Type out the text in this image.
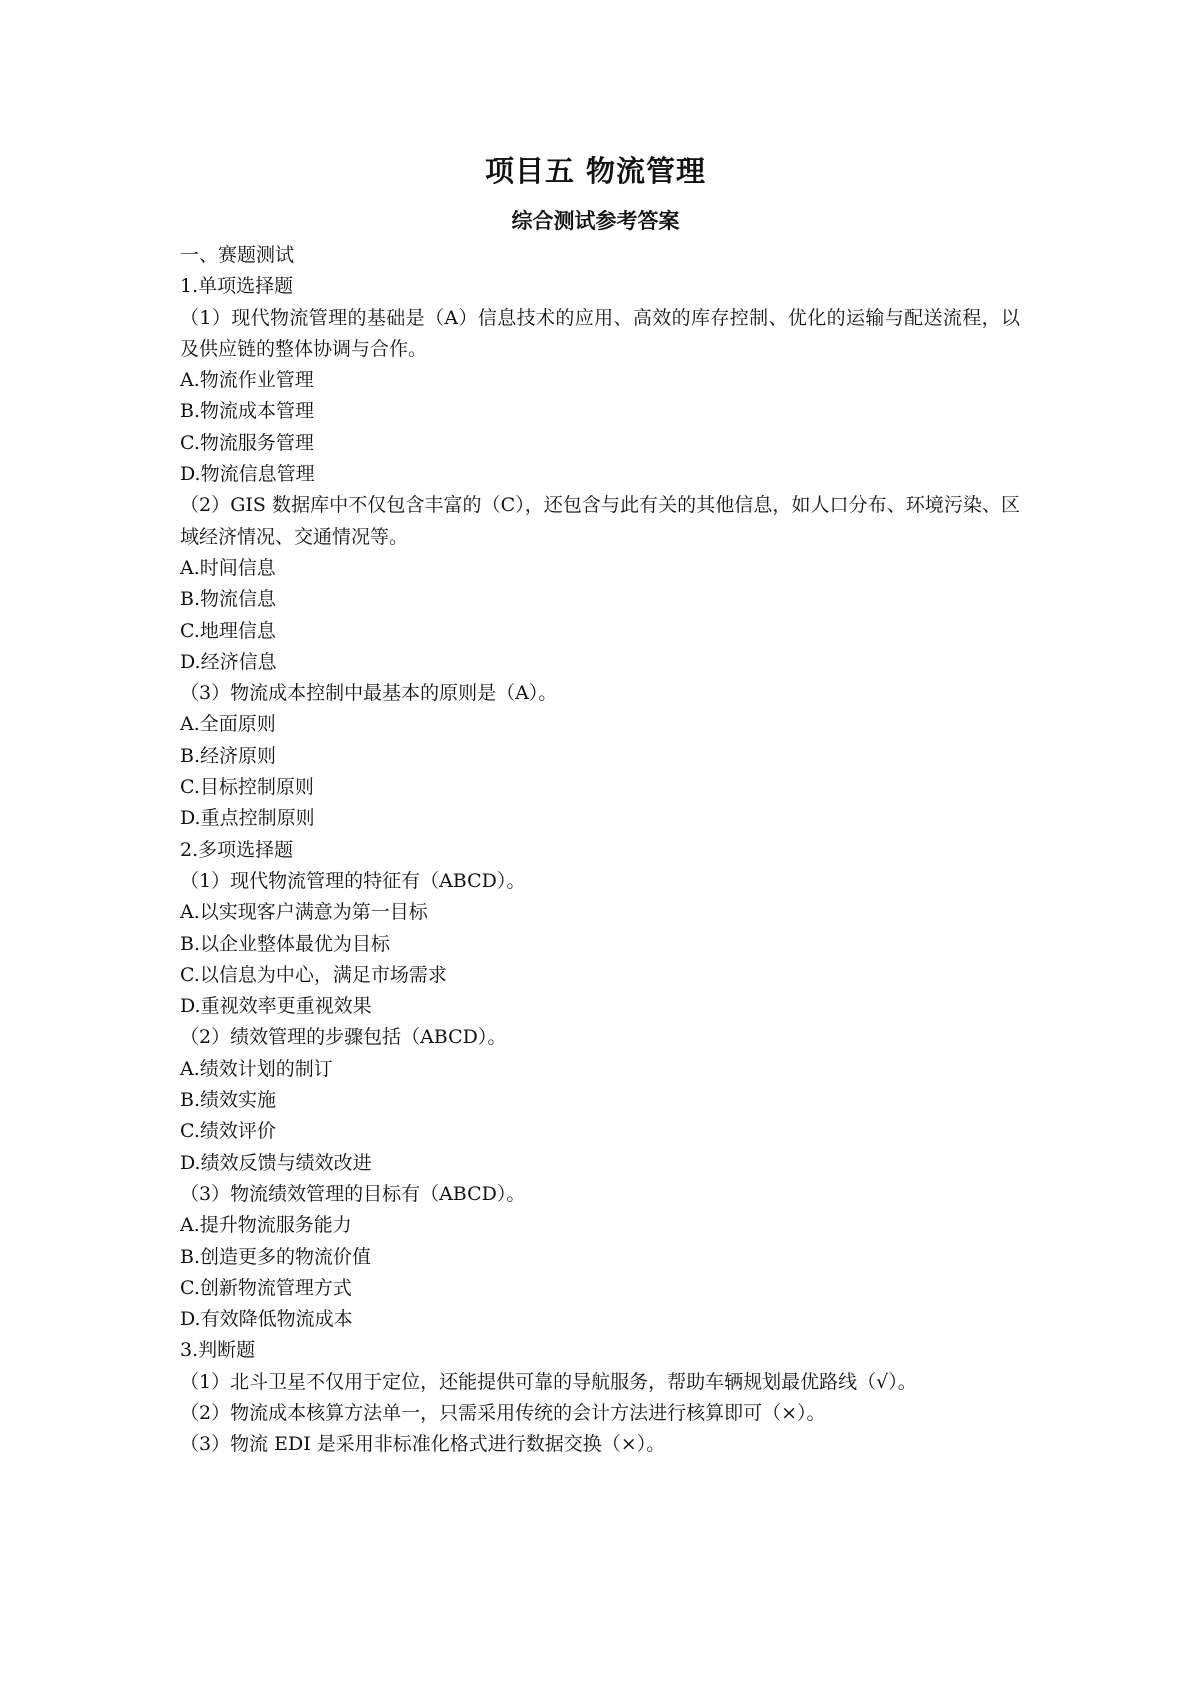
项目五 物流管理
综合测试参考答案

一、赛题测试

1.单项选择题

（1）现代物流管理的基础是（A）信息技术的应用、高效的库存控制、优化的运输与配送流程，以及供应链的整体协调与合作。

A.物流作业管理

B.物流成本管理

C.物流服务管理

D.物流信息管理

（2）GIS 数据库中不仅包含丰富的（C），还包含与此有关的其他信息，如人口分布、环境污染、区域经济情况、交通情况等。

A.时间信息

B.物流信息

C.地理信息

D.经济信息

（3）物流成本控制中最基本的原则是（A）。

A.全面原则

B.经济原则

C.目标控制原则

D.重点控制原则

2.多项选择题

（1）现代物流管理的特征有（ABCD）。

A.以实现客户满意为第一目标

B.以企业整体最优为目标

C.以信息为中心，满足市场需求

D.重视效率更重视效果

（2）绩效管理的步骤包括（ABCD）。

A.绩效计划的制订

B.绩效实施

C.绩效评价

D.绩效反馈与绩效改进

（3）物流绩效管理的目标有（ABCD）。

A.提升物流服务能力

B.创造更多的物流价值

C.创新物流管理方式

D.有效降低物流成本

3.判断题

（1）北斗卫星不仅用于定位，还能提供可靠的导航服务，帮助车辆规划最优路线（√）。

（2）物流成本核算方法单一，只需采用传统的会计方法进行核算即可（×）。

（3）物流 EDI 是采用非标准化格式进行数据交换（×）。
